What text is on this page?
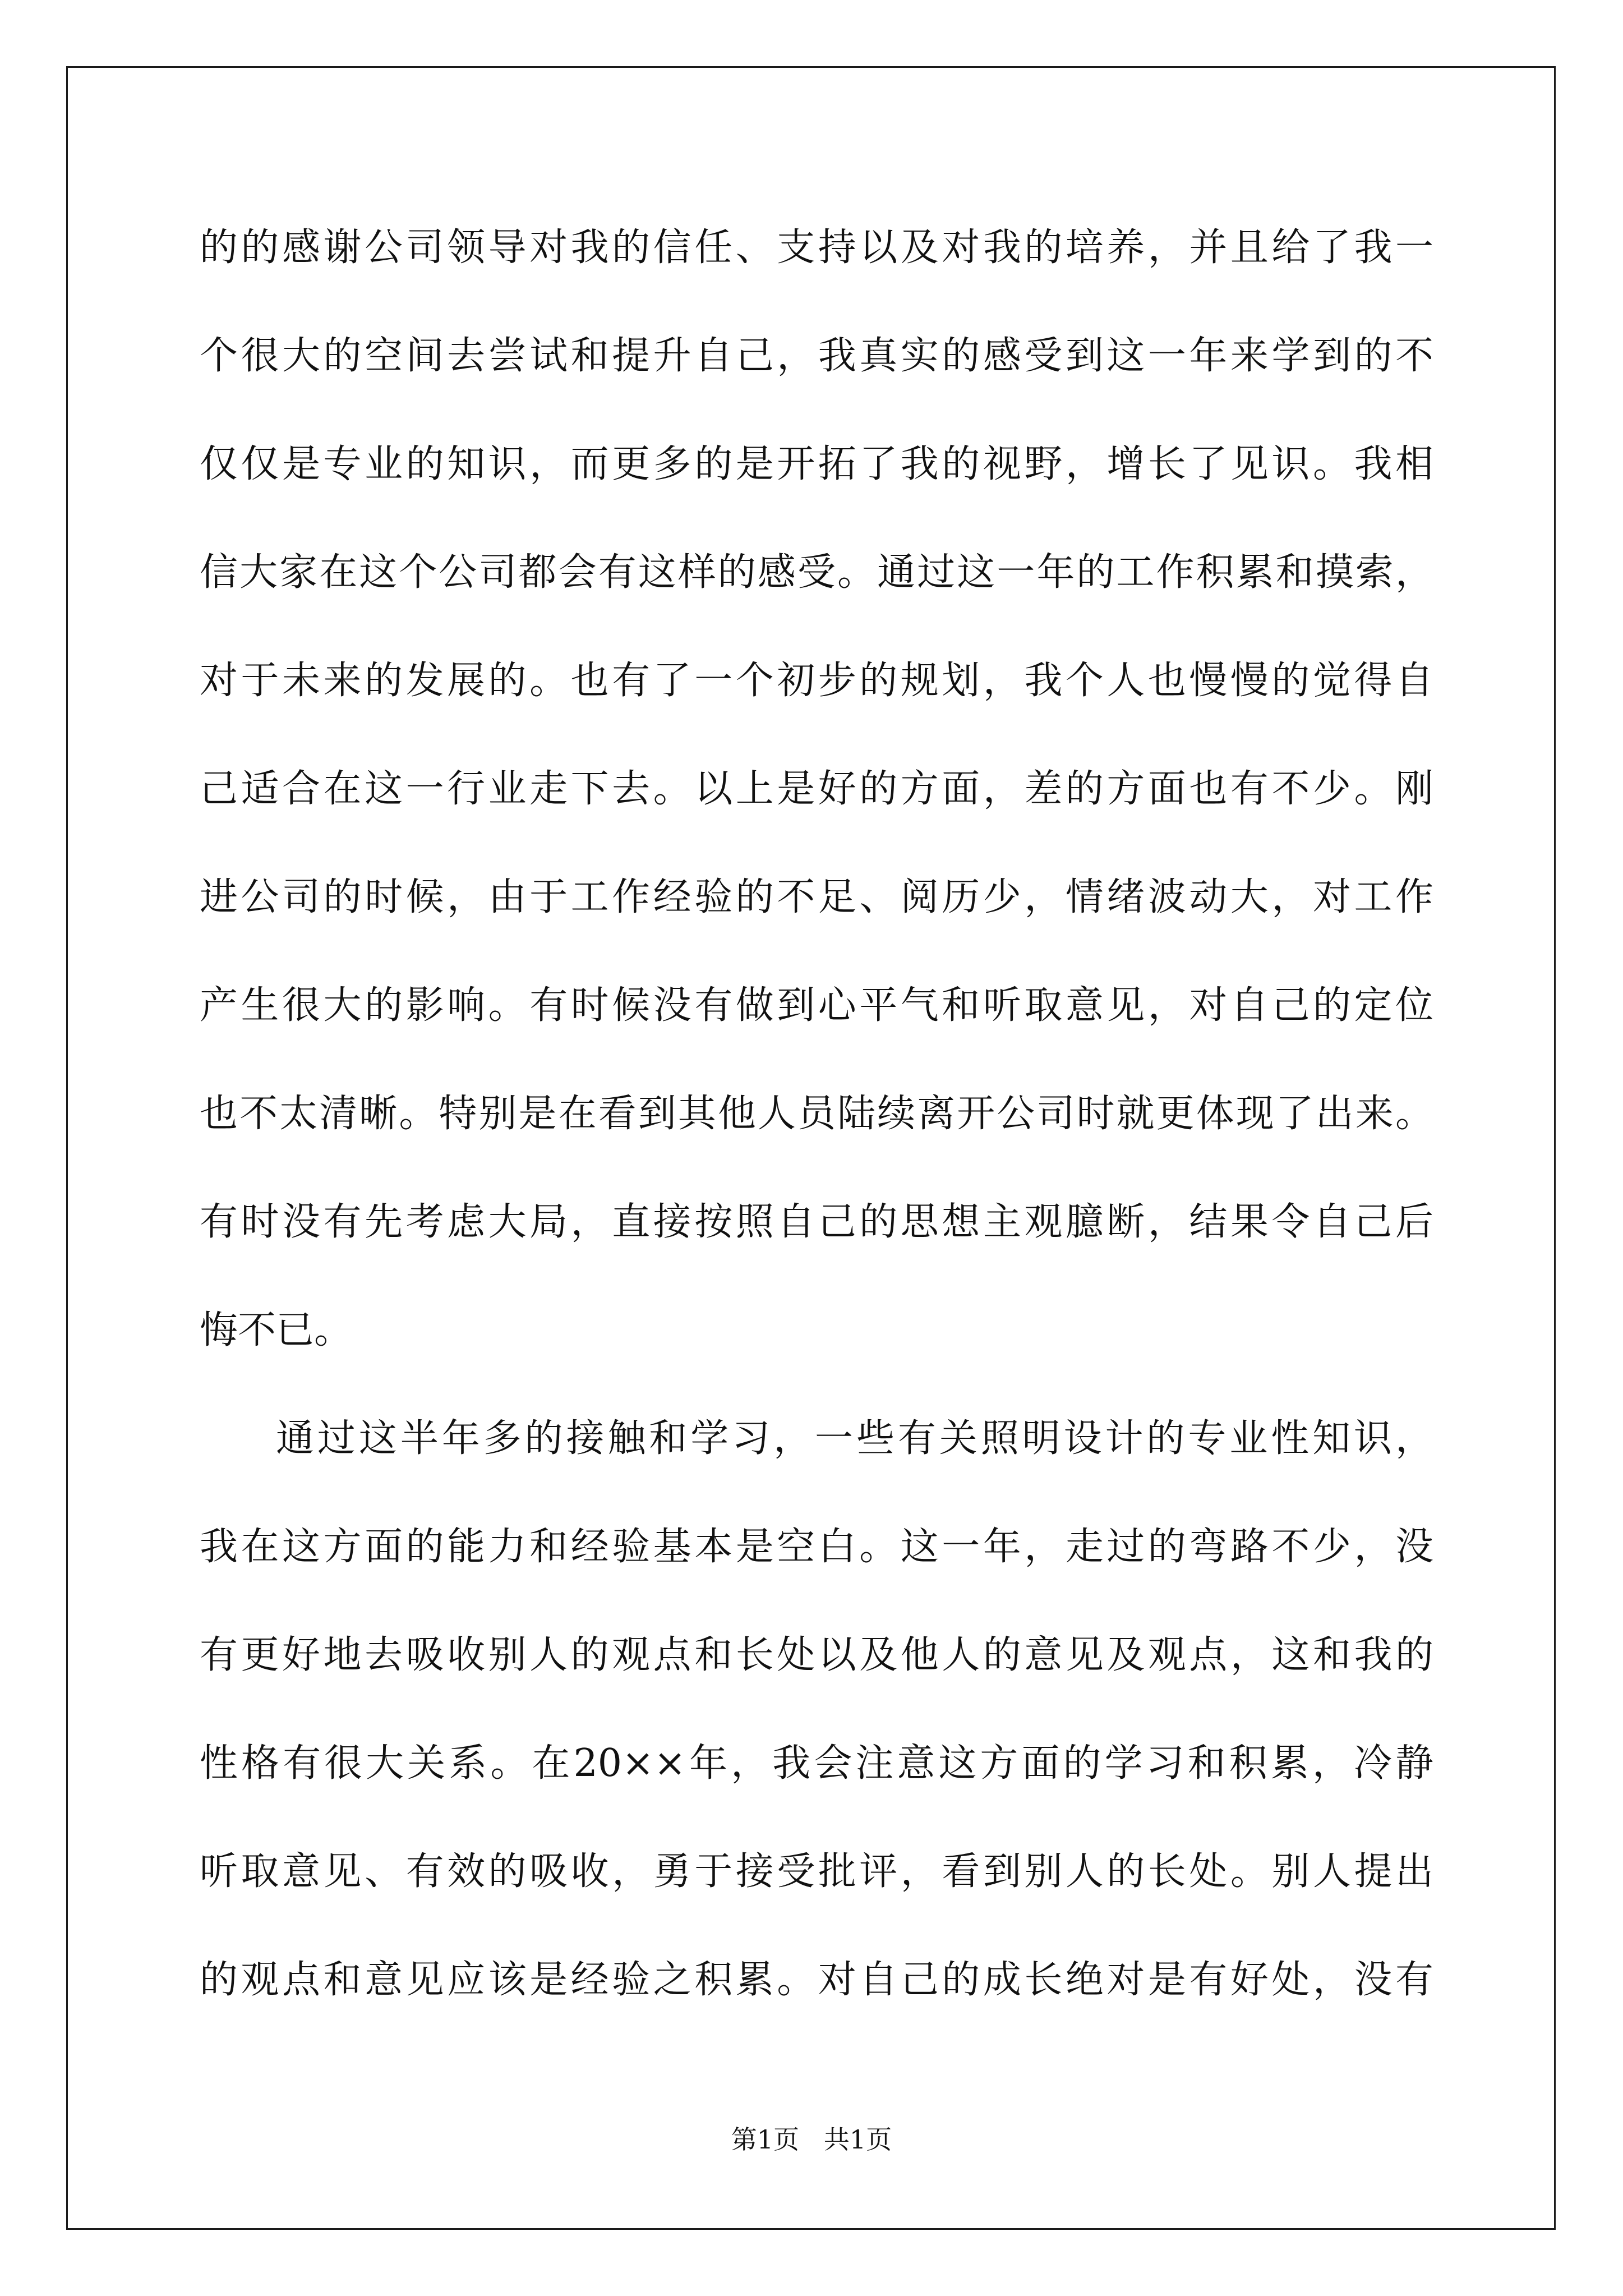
的的感谢公司领导对我的信任、支持以及对我的培养，并且给了我一
个很大的空间去尝试和提升自己，我真实的感受到这一年来学到的不
仅仅是专业的知识，而更多的是开拓了我的视野，增长了见识。我相
信大家在这个公司都会有这样的感受。通过这一年的工作积累和摸索，
对于未来的发展的。也有了一个初步的规划，我个人也慢慢的觉得自
己适合在这一行业走下去。以上是好的方面，差的方面也有不少。刚
进公司的时候，由于工作经验的不足、阅历少，情绪波动大，对工作
产生很大的影响。有时候没有做到心平气和听取意见，对自己的定位
也不太清晰。特别是在看到其他人员陆续离开公司时就更体现了出来。
有时没有先考虑大局，直接按照自己的思想主观臆断，结果令自己后
悔不已。
通过这半年多的接触和学习，一些有关照明设计的专业性知识，
我在这方面的能力和经验基本是空白。这一年，走过的弯路不少，没
有更好地去吸收别人的观点和长处以及他人的意见及观点，这和我的
性格有很大关系。在20××年，我会注意这方面的学习和积累，冷静
听取意见、有效的吸收，勇于接受批评，看到别人的长处。别人提出
的观点和意见应该是经验之积累。对自己的成长绝对是有好处，没有
第1页   共1页
